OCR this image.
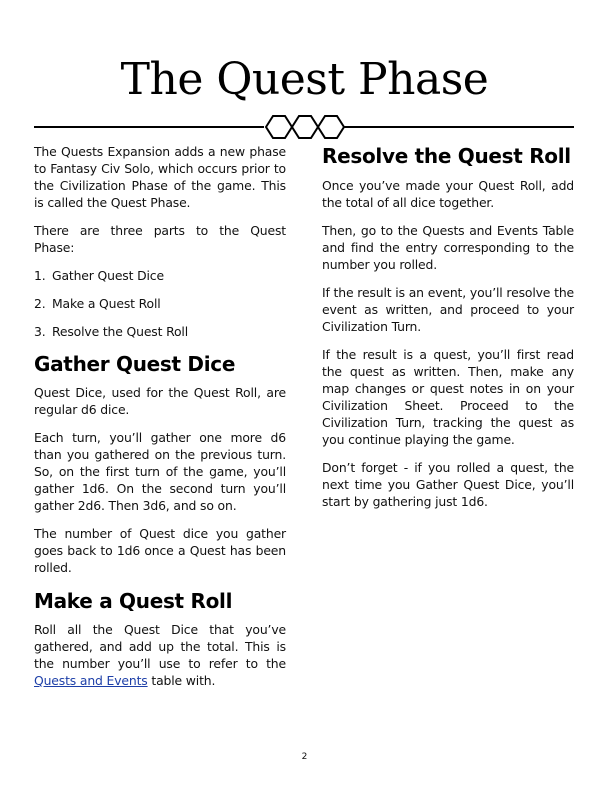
The Quest Phase

The Quests Expansion adds a new phase to Fantasy Civ Solo, which occurs prior to the Civilization Phase of the game. This is called the Quest Phase.

There are three parts to the Quest Phase:

1. Gather Quest Dice
2. Make a Quest Roll
3. Resolve the Quest Roll
Gather Quest Dice

Quest Dice, used for the Quest Roll, are regular d6 dice.

Each turn, you’ll gather one more d6 than you gathered on the previous turn. So, on the first turn of the game, you’ll gather 1d6. On the second turn you’ll gather 2d6. Then 3d6, and so on.

The number of Quest dice you gather goes back to 1d6 once a Quest has been rolled.

Make a Quest Roll

Roll all the Quest Dice that you’ve gathered, and add up the total. This is the number you’ll use to refer to the Quests and Events table with.

Resolve the Quest Roll

Once you’ve made your Quest Roll, add the total of all dice together.

Then, go to the Quests and Events Table and find the entry corresponding to the number you rolled.

If the result is an event, you’ll resolve the event as written, and proceed to your Civilization Turn.

If the result is a quest, you’ll first read the quest as written. Then, make any map changes or quest notes in on your Civilization Sheet. Proceed to the Civilization Turn, tracking the quest as you continue playing the game.

Don’t forget - if you rolled a quest, the next time you Gather Quest Dice, you’ll start by gathering just 1d6.

2
